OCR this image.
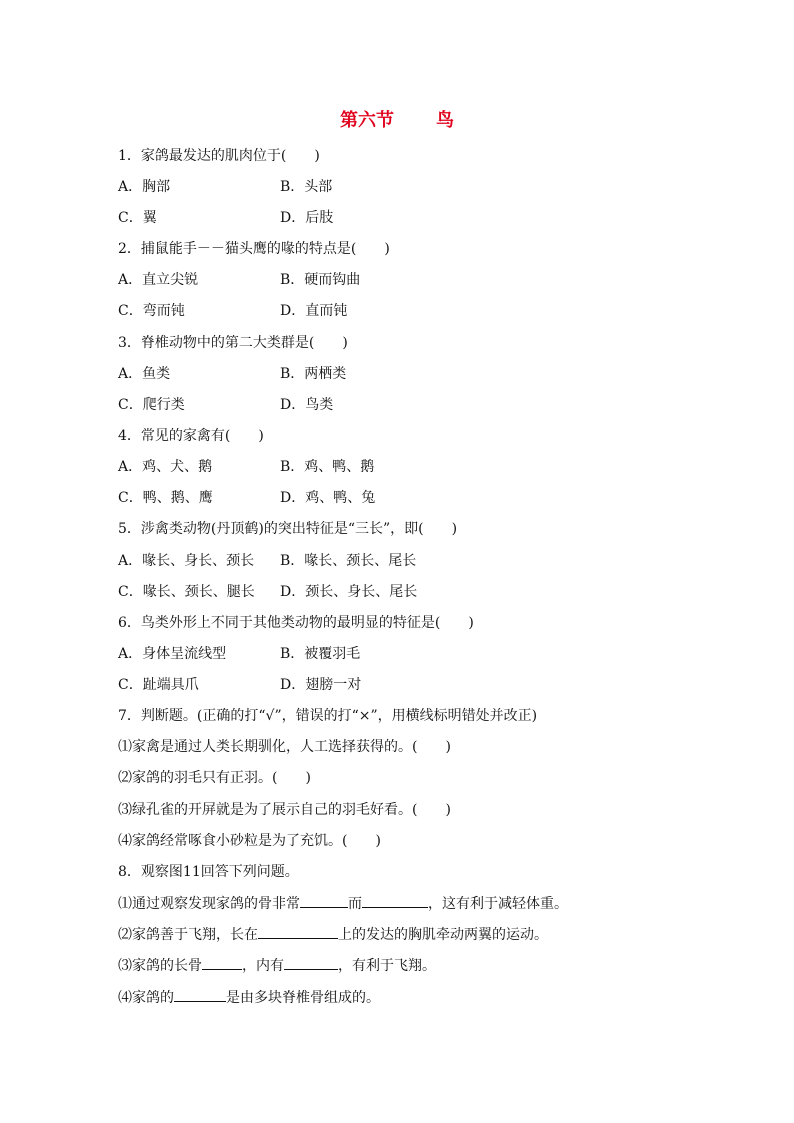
第六节 鸟
1．家鸽最发达的肌肉位于(　　)
A．胸部	B．头部
C．翼	D．后肢
2．捕鼠能手－－猫头鹰的喙的特点是(　　)
A．直立尖锐	B．硬而钩曲
C．弯而钝	D．直而钝
3．脊椎动物中的第二大类群是(　　)
A．鱼类	B．两栖类
C．爬行类	D．鸟类
4．常见的家禽有(　　)
A．鸡、犬、鹅	B．鸡、鸭、鹅
C．鸭、鹅、鹰	D．鸡、鸭、兔
5．涉禽类动物(丹顶鹤)的突出特征是“三长”，即(　　)
A．喙长、身长、颈长 B．喙长、颈长、尾长
C．喙长、颈长、腿长 D．颈长、身长、尾长
6．鸟类外形上不同于其他类动物的最明显的特征是(　　)
A．身体呈流线型	B．被覆羽毛
C．趾端具爪	D．翅膀一对
7．判断题。(正确的打“√”，错误的打“×”，用横线标明错处并改正)
⑴家禽是通过人类长期驯化，人工选择获得的。(　　)
⑵家鸽的羽毛只有正羽。(　　)
⑶绿孔雀的开屏就是为了展示自己的羽毛好看。(　　)
⑷家鸽经常啄食小砂粒是为了充饥。(　　)
8．观察图11回答下列问题。
⑴通过观察发现家鸽的骨非常	而	，这有利于减轻体重。
⑵家鸽善于飞翔，长在	上的发达的胸肌牵动两翼的运动。
⑶家鸽的长骨	，内有	，有利于飞翔。
⑷家鸽的	是由多块脊椎骨组成的。
